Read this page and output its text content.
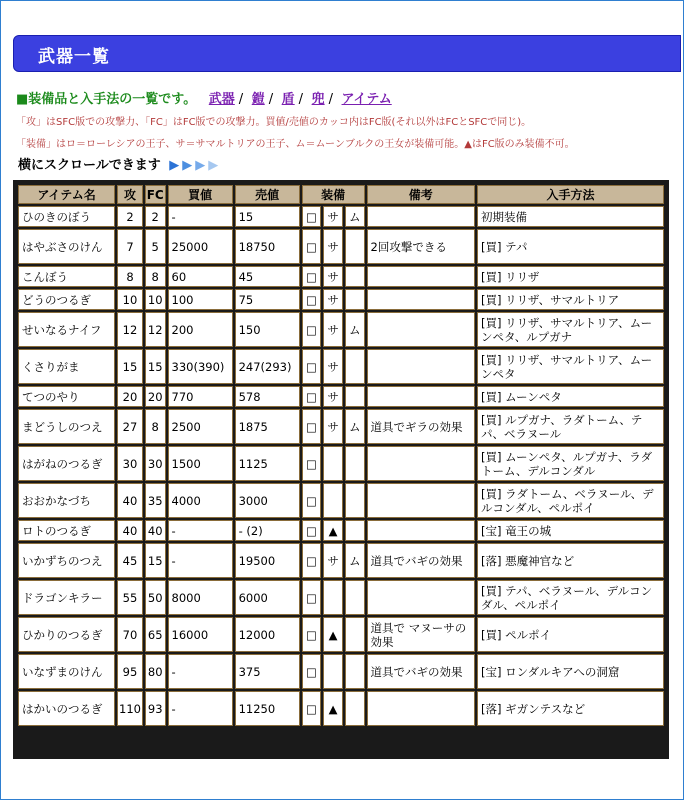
武器一覧
■装備品と入手法の一覧です。 武器 / 鎧 / 盾 / 兜 / アイテム
「攻」はSFC版での攻撃力、「FC」はFC版での攻撃力。買値/売値のカッコ内はFC版(それ以外はFCとSFCで同じ)。
「装備」はロ＝ローレシアの王子、サ＝サマルトリアの王子、ム＝ムーンブルクの王女が装備可能。▲はFC版のみ装備不可。
横にスクロールできます ▶▶▶▶
アイテム名	攻	FC	買値	売値	装備			備考	入手方法
ひのきのぼう	2	2	-	15	□	サ	ム		初期装備
はやぶさのけん	7	5	25000	18750	□	サ		2回攻撃できる	[買] テパ
こんぼう	8	8	60	45	□	サ			[買] リリザ
どうのつるぎ	10	10	100	75	□	サ			[買] リリザ、サマルトリア
せいなるナイフ	12	12	200	150	□	サ	ム		[買] リリザ、サマルトリア、ムーンペタ、ルプガナ
くさりがま	15	15	330(390)	247(293)	□	サ			[買] リリザ、サマルトリア、ムーンペタ
てつのやり	20	20	770	578	□	サ			[買] ムーンペタ
まどうしのつえ	27	8	2500	1875	□	サ	ム	道具でギラの効果	[買] ルプガナ、ラダトーム、テパ、ベラヌール
はがねのつるぎ	30	30	1500	1125	□				[買] ムーンペタ、ルプガナ、ラダトーム、デルコンダル
おおかなづち	40	35	4000	3000	□				[買] ラダトーム、ベラヌール、デルコンダル、ペルポイ
ロトのつるぎ	40	40	-	- (2)	□	▲			[宝] 竜王の城
いかずちのつえ	45	15	-	19500	□	サ	ム	道具でバギの効果	[落] 悪魔神官など
ドラゴンキラー	55	50	8000	6000	□				[買] テパ、ベラヌール、デルコンダル、ペルポイ
ひかりのつるぎ	70	65	16000	12000	□	▲		道具で マヌーサの効果	[買] ペルポイ
いなずまのけん	95	80	-	375	□			道具でバギの効果	[宝] ロンダルキアへの洞窟
はかいのつるぎ	110	93	-	11250	□	▲			[落] ギガンテスなど
